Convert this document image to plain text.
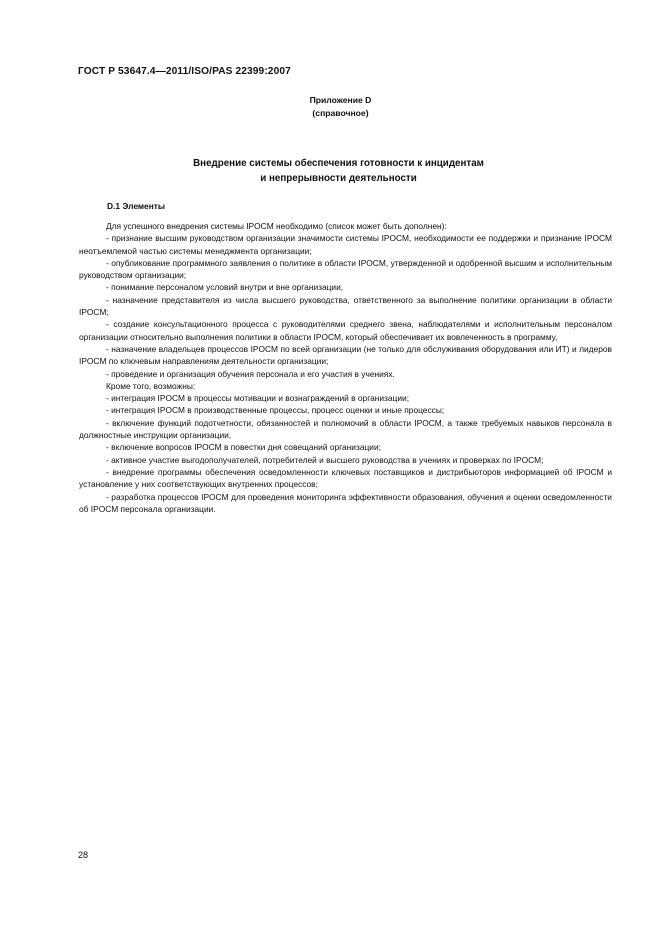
ГОСТ Р 53647.4—2011/ISO/PAS 22399:2007
Приложение D
(справочное)
Внедрение системы обеспечения готовности к инцидентам
и непрерывности деятельности
D.1 Элементы

Для успешного внедрения системы IPOCM необходимо (список может быть дополнен):

- признание высшим руководством организации значимости системы IPOCM, необходимости ее поддержки и признание IPOCM неотъемлемой частью системы менеджмента организации;

- опубликование программного заявления о политике в области IPOCM, утвержденной и одобренной высшим и исполнительным руководством организации;

- понимание персоналом условий внутри и вне организации,

- назначение представителя из числа высшего руководства, ответственного за выполнение политики организации в области IPOCM;

- создание консультационного процесса с руководителями среднего звена, наблюдателями и исполнительным персоналом организации относительно выполнения политики в области IPOCM, который обеспечивает их вовлеченность в программу,

- назначение владельцев процессов IPOCM по всей организации (не только для обслуживания оборудования или ИТ) и лидеров IPOCM по ключевым направлениям деятельности организации;

- проведение и организация обучения персонала и его участия в учениях.

Кроме того, возможны:

- интеграция IPOCM в процессы мотивации и вознаграждений в организации;

- интеграция IPOCM в производственные процессы, процесс оценки и иные процессы;

- включение функций подотчетности, обязанностей и полномочий в области IPOCM, а также требуемых навыков персонала в должностные инструкции организации,

- включение вопросов IPOCM в повестки дня совещаний организации;

- активное участие выгодополучателей, потребителей и высшего руководства в учениях и проверках по IPOCM;

- внедрение программы обеспечения осведомленности ключевых поставщиков и дистрибьюторов информацией об IPOCM и установление у них соответствующих внутренних процессов;

- разработка процессов IPOCM для проведения мониторинга эффективности образования, обучения и оценки осведомленности об IPOCM персонала организации.

28
